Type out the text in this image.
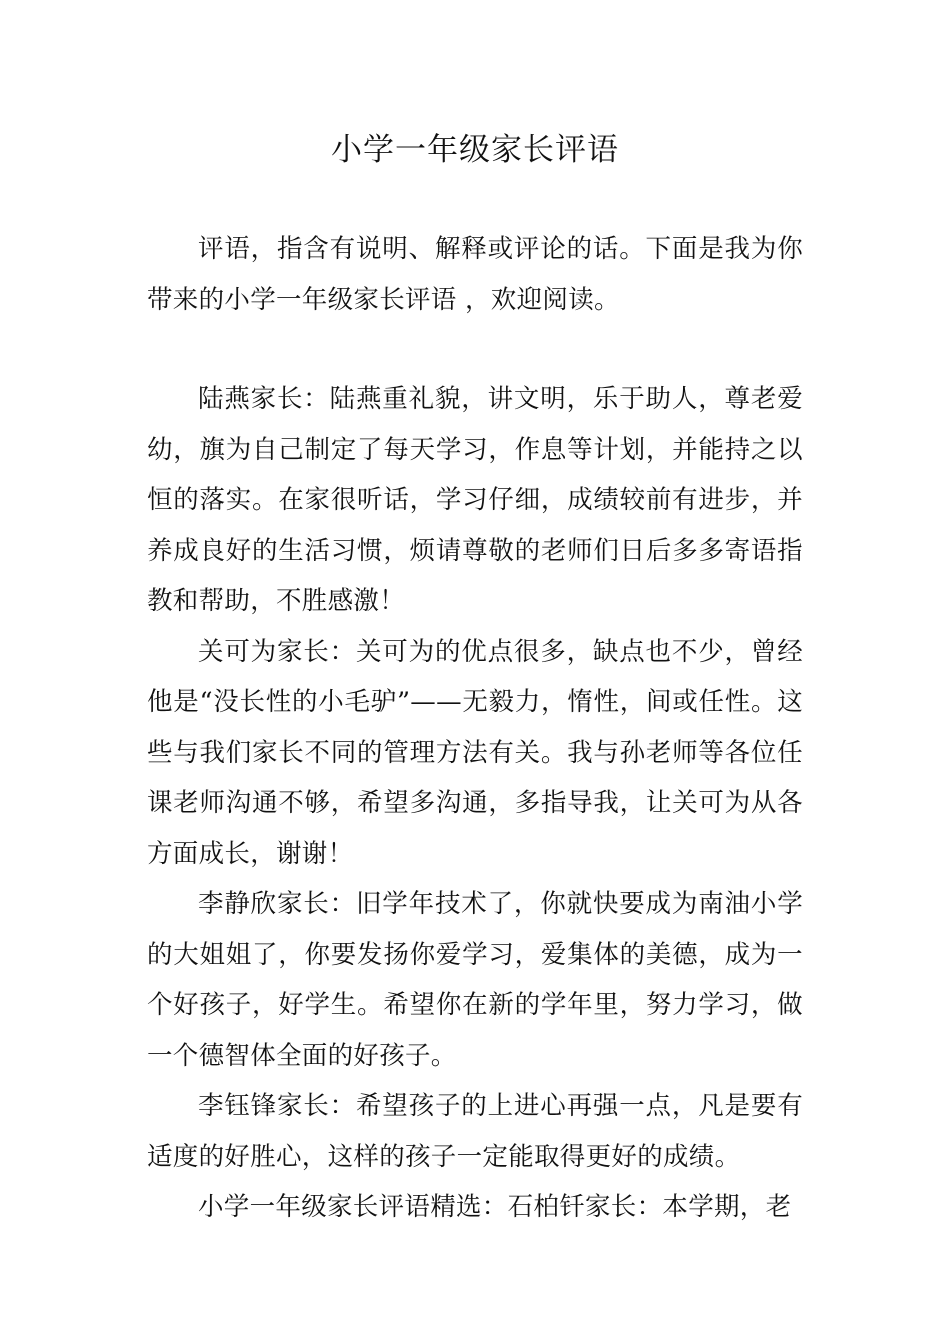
小学一年级家长评语

评语，指含有说明、解释或评论的话。下面是我为你带来的小学一年级家长评语 ，欢迎阅读。

陆燕家长：陆燕重礼貌，讲文明，乐于助人，尊老爱幼，旗为自己制定了每天学习，作息等计划，并能持之以恒的落实。在家很听话，学习仔细，成绩较前有进步，并养成良好的生活习惯，烦请尊敬的老师们日后多多寄语指教和帮助，不胜感激！

关可为家长：关可为的优点很多，缺点也不少，曾经他是“没长性的小毛驴”——无毅力，惰性，间或任性。这些与我们家长不同的管理方法有关。我与孙老师等各位任课老师沟通不够，希望多沟通，多指导我，让关可为从各方面成长，谢谢！

李静欣家长：旧学年技术了，你就快要成为南油小学的大姐姐了，你要发扬你爱学习，爱集体的美德，成为一个好孩子，好学生。希望你在新的学年里，努力学习，做一个德智体全面的好孩子。

李钰锋家长：希望孩子的上进心再强一点，凡是要有适度的好胜心，这样的孩子一定能取得更好的成绩。

小学一年级家长评语精选：石柏钎家长：本学期，老
